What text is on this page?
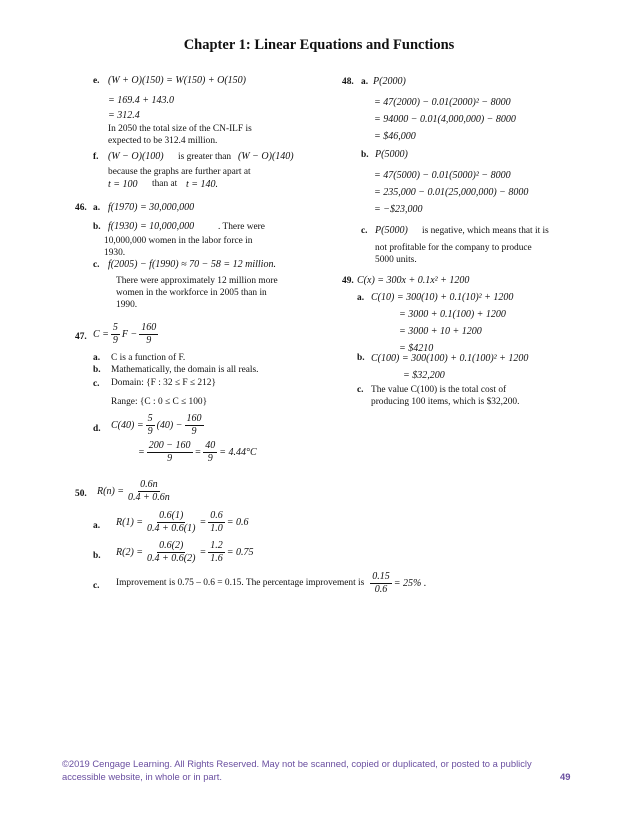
Chapter 1: Linear Equations and Functions
e. (W + O)(150) = W(150) + O(150)
= 169.4 + 143.0
= 312.4
In 2050 the total size of the CN-ILF is
expected to be 312.4 million.
f. (W − O)(100) is greater than (W − O)(140)
because the graphs are further apart at
t = 100 than at t = 140.
46. a. f(1970) = 30,000,000
b. f(1930) = 10,000,000	. There were
10,000,000 women in the labor force in
1930.
c. f(2005) − f(1990) ≈ 70 − 58 = 12 million.
There were approximately 12 million more
women in the workforce in 2005 than in
1990.
47. $C = \frac{5}{9}$ $F - \frac{160}{9}$
a. C is a function of F.
b. Mathematically, the domain is all reals.
c. Domain: {F : 32 ≤ F ≤ 212}
Range: {C : 0 ≤ C ≤ 100}
d. $C(40) = \frac{5}{9} (40) - \frac{160}{9}$
= $\frac{200 - 160}{9} = \frac{40}{9} = 4.44^\circ C$
48. a. P(2000)
= 47(2000) − 0.01(2000)² − 8000
= 94000 − 0.01(4,000,000) − 8000
= $46,000
b. P(5000)
= 47(5000) − 0.01(5000)² − 8000
= 235,000 − 0.01(25,000,000) − 8000
= −$23,000
c. P(5000) is negative, which means that it is
not profitable for the company to produce
5000 units.
49. C(x) = 300x + 0.1x² + 1200
a. C(10) = 300(10) + 0.1(10)² + 1200
= 3000 + 0.1(100) + 1200
= 3000 + 10 + 1200
= $4210
b. C(100) = 300(100) + 0.1(100)² + 1200
= $32,200
c. The value C(100) is the total cost of
producing 100 items, which is $32,200.
50. $R(n) = \frac{0.6n}{0.4 + 0.6n}$
a. $R(1) = \frac{0.6(1)}{0.4 + 0.6(1)} = \frac{0.6}{1.0} = 0.6$
b. $R(2) = \frac{0.6(2)}{0.4 + 0.6(2)} = \frac{1.2}{1.6} = 0.75$
c. Improvement is 0.75 – 0.6 = 0.15. The percentage improvement is $\frac{0.15}{0.6} = 25\%$ .
©2019 Cengage Learning. All Rights Reserved. May not be scanned, copied or duplicated, or posted to a publicly
accessible website, in whole or in part.	49
